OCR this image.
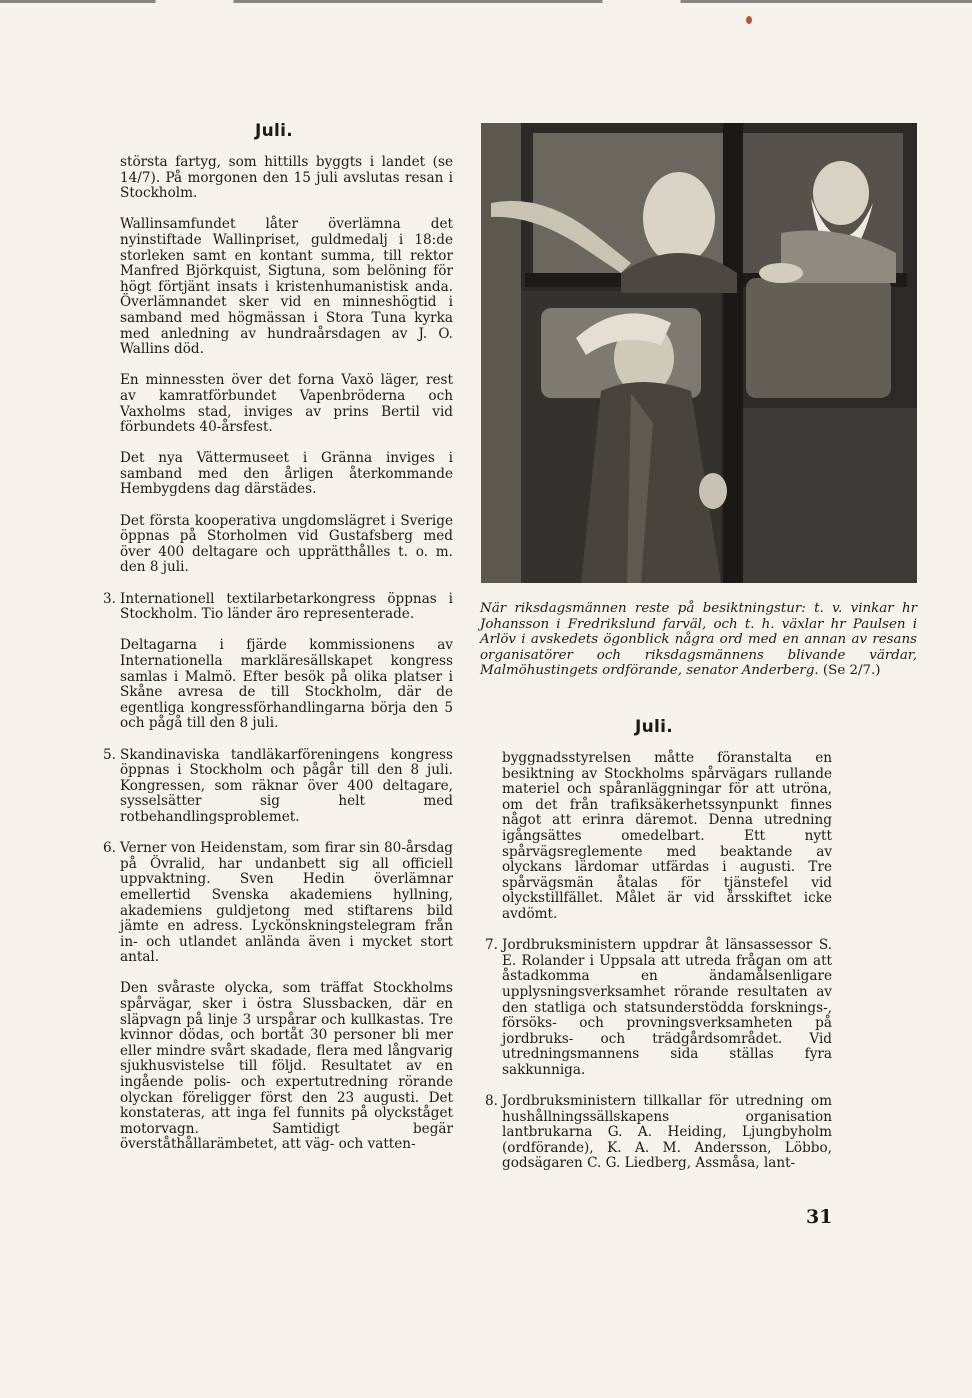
Juli.

största fartyg, som hittills byggts i landet (se 14/7). På morgonen den 15 juli avslutas resan i Stockholm.

Wallinsamfundet låter överlämna det nyinstiftade Wallinpriset, guldmedalj i 18:de storleken samt en kontant summa, till rektor Manfred Björkquist, Sigtuna, som belöning för högt förtjänt insats i kristenhumanistisk anda. Överlämnandet sker vid en minneshögtid i samband med högmässan i Stora Tuna kyrka med anledning av hundraårsdagen av J. O. Wallins död.

En minnessten över det forna Vaxö läger, rest av kamratförbundet Vapenbröderna och Vaxholms stad, inviges av prins Bertil vid förbundets 40-årsfest.

Det nya Vättermuseet i Gränna inviges i samband med den årligen återkommande Hembygdens dag därstädes.

Det första kooperativa ungdomslägret i Sverige öppnas på Storholmen vid Gustafsberg med över 400 deltagare och upprätthålles t. o. m. den 8 juli.

3. Internationell textilarbetarkongress öppnas i Stockholm. Tio länder äro representerade.

Deltagarna i fjärde kommissionens av Internationella markläresällskapet kongress samlas i Malmö. Efter besök på olika platser i Skåne avresa de till Stockholm, där de egentliga kongressförhandlingarna börja den 5 och pågå till den 8 juli.

5. Skandinaviska tandläkarföreningens kongress öppnas i Stockholm och pågår till den 8 juli. Kongressen, som räknar över 400 deltagare, sysselsätter sig helt med rotbehandlingsproblemet.

6. Verner von Heidenstam, som firar sin 80-årsdag på Övralid, har undanbett sig all officiell uppvaktning. Sven Hedin överlämnar emellertid Svenska akademiens hyllning, akademiens guldjetong med stiftarens bild jämte en adress. Lyckönskningstelegram från in- och utlandet anlända även i mycket stort antal.

Den svåraste olycka, som träffat Stockholms spårvägar, sker i östra Slussbacken, där en släpvagn på linje 3 urspårar och kullkastas. Tre kvinnor dödas, och bortåt 30 personer bli mer eller mindre svårt skadade, flera med långvarig sjukhusvistelse till följd. Resultatet av en ingående polis- och expertutredning rörande olyckan föreligger först den 23 augusti. Det konstateras, att inga fel funnits på olyckståget motorvagn. Samtidigt begär överståthållarämbetet, att väg- och vatten-

När riksdagsmännen reste på besiktningstur: t. v. vinkar hr Johansson i Fredrikslund farväl, och t. h. växlar hr Paulsen i Arlöv i avskedets ögonblick några ord med en annan av resans organisatörer och riksdagsmännens blivande värdar, Malmöhustingets ordförande, senator Anderberg. (Se 2/7.)
Juli.

byggnadsstyrelsen måtte föranstalta en besiktning av Stockholms spårvägars rullande materiel och spåranläggningar för att utröna, om det från trafiksäkerhetssynpunkt finnes något att erinra däremot. Denna utredning igångsättes omedelbart. Ett nytt spårvägsreglemente med beaktande av olyckans lärdomar utfärdas i augusti. Tre spårvägsmän åtalas för tjänstefel vid olyckstillfället. Målet är vid årsskiftet icke avdömt.

7. Jordbruksministern uppdrar åt länsassessor S. E. Rolander i Uppsala att utreda frågan om att åstadkomma en ändamålsenligare upplysningsverksamhet rörande resultaten av den statliga och statsunderstödda forsknings-, försöks- och provningsverksamheten på jordbruks- och trädgårdsområdet. Vid utredningsmannens sida ställas fyra sakkunniga.

8. Jordbruksministern tillkallar för utredning om hushållningssällskapens organisation lantbrukarna G. A. Heiding, Ljungbyholm (ordförande), K. A. M. Andersson, Löbbo, godsägaren C. G. Liedberg, Assmåsa, lant-

31
